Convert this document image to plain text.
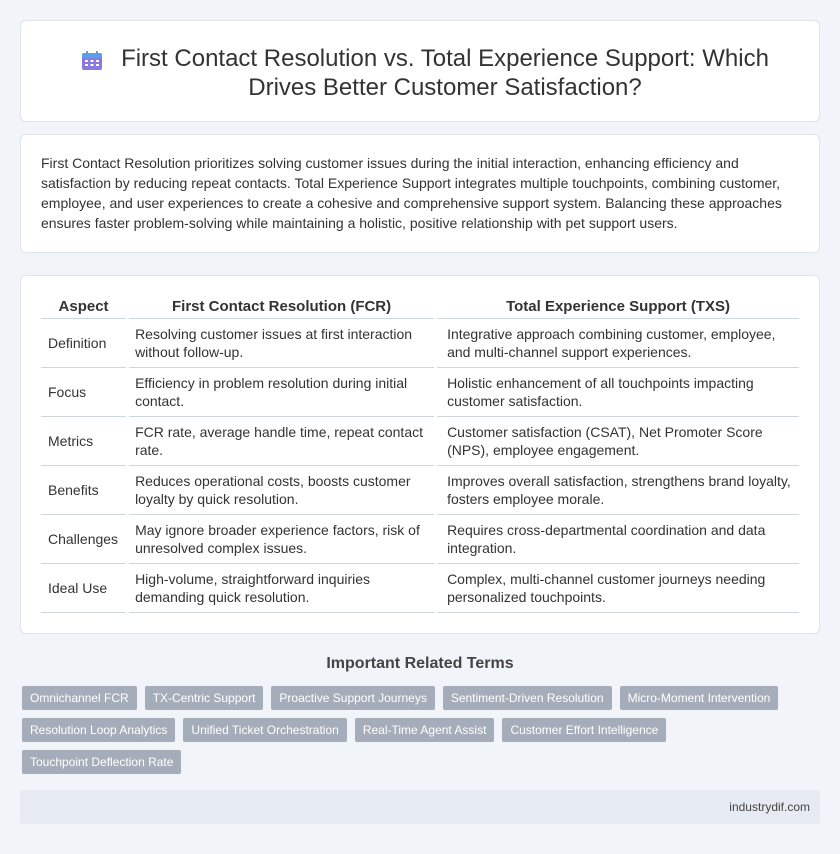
First Contact Resolution vs. Total Experience Support: Which Drives Better Customer Satisfaction?

First Contact Resolution prioritizes solving customer issues during the initial interaction, enhancing efficiency and satisfaction by reducing repeat contacts. Total Experience Support integrates multiple touchpoints, combining customer, employee, and user experiences to create a cohesive and comprehensive support system. Balancing these approaches ensures faster problem-solving while maintaining a holistic, positive relationship with pet support users.

Aspect	First Contact Resolution (FCR)	Total Experience Support (TXS)
Definition	Resolving customer issues at first interaction without follow-up.	Integrative approach combining customer, employee, and multi-channel support experiences.
Focus	Efficiency in problem resolution during initial contact.	Holistic enhancement of all touchpoints impacting customer satisfaction.
Metrics	FCR rate, average handle time, repeat contact rate.	Customer satisfaction (CSAT), Net Promoter Score (NPS), employee engagement.
Benefits	Reduces operational costs, boosts customer loyalty by quick resolution.	Improves overall satisfaction, strengthens brand loyalty, fosters employee morale.
Challenges	May ignore broader experience factors, risk of unresolved complex issues.	Requires cross-departmental coordination and data integration.
Ideal Use	High-volume, straightforward inquiries demanding quick resolution.	Complex, multi-channel customer journeys needing personalized touchpoints.
Important Related Terms
Omnichannel FCR	TX-Centric Support	Proactive Support Journeys	Sentiment-Driven Resolution	Micro-Moment Intervention
Resolution Loop Analytics	Unified Ticket Orchestration	Real-Time Agent Assist	Customer Effort Intelligence
Touchpoint Deflection Rate
industrydif.com
